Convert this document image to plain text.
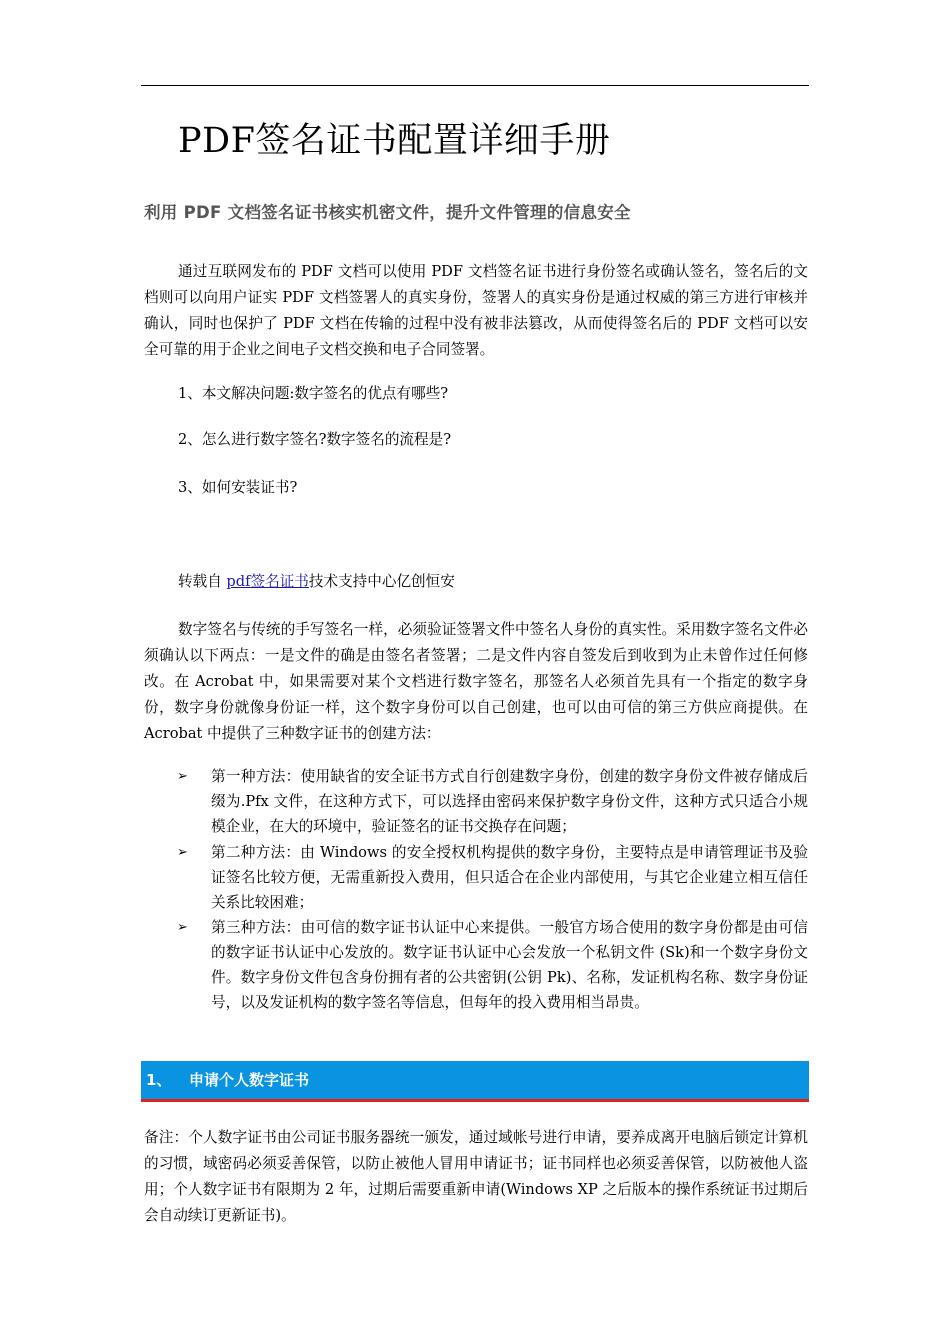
PDF签名证书配置详细手册
利用 PDF 文档签名证书核实机密文件，提升文件管理的信息安全

通过互联网发布的 PDF 文档可以使用 PDF 文档签名证书进行身份签名或确认签名，签名后的文档则可以向用户证实 PDF 文档签署人的真实身份，签署人的真实身份是通过权威的第三方进行审核并确认，同时也保护了 PDF 文档在传输的过程中没有被非法篡改，从而使得签名后的 PDF 文档可以安全可靠的用于企业之间电子文档交换和电子合同签署。

1、本文解决问题:数字签名的优点有哪些?

2、怎么进行数字签名?数字签名的流程是?

3、如何安装证书?

转载自 pdf签名证书技术支持中心亿创恒安

数字签名与传统的手写签名一样，必须验证签署文件中签名人身份的真实性。采用数字签名文件必须确认以下两点：一是文件的确是由签名者签署；二是文件内容自签发后到收到为止未曾作过任何修改。在 Acrobat 中，如果需要对某个文档进行数字签名，那签名人必须首先具有一个指定的数字身份，数字身份就像身份证一样，这个数字身份可以自己创建，也可以由可信的第三方供应商提供。在 Acrobat 中提供了三种数字证书的创建方法：

➢	第一种方法：使用缺省的安全证书方式自行创建数字身份，创建的数字身份文件被存储成后缀为.Pfx 文件，在这种方式下，可以选择由密码来保护数字身份文件，这种方式只适合小规模企业，在大的环境中，验证签名的证书交换存在问题；

➢	第二种方法：由 Windows 的安全授权机构提供的数字身份，主要特点是申请管理证书及验证签名比较方便，无需重新投入费用，但只适合在企业内部使用，与其它企业建立相互信任关系比较困难；

➢	第三种方法：由可信的数字证书认证中心来提供。一般官方场合使用的数字身份都是由可信的数字证书认证中心发放的。数字证书认证中心会发放一个私钥文件 (Sk)和一个数字身份文件。数字身份文件包含身份拥有者的公共密钥(公钥 Pk)、名称，发证机构名称、数字身份证号，以及发证机构的数字签名等信息，但每年的投入费用相当昂贵。

1、 申请个人数字证书

备注：个人数字证书由公司证书服务器统一颁发，通过域帐号进行申请，要养成离开电脑后锁定计算机的习惯，域密码必须妥善保管，以防止被他人冒用申请证书；证书同样也必须妥善保管，以防被他人盗用；个人数字证书有限期为 2 年，过期后需要重新申请(Windows XP 之后版本的操作系统证书过期后会自动续订更新证书)。
